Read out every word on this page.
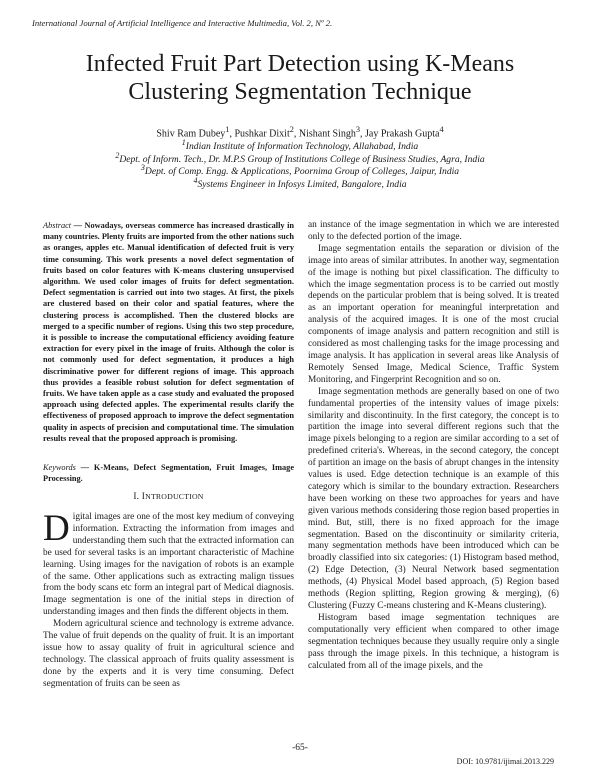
International Journal of Artificial Intelligence and Interactive Multimedia, Vol. 2, Nº 2.
Infected Fruit Part Detection using K-Means
Clustering Segmentation Technique
Shiv Ram Dubey$^1$, Pushkar Dixit$^2$, Nishant Singh$^3$, Jay Prakash Gupta$^4$
$^1$Indian Institute of Information Technology, Allahabad, India
$^2$Dept. of Inform. Tech., Dr. M.P.S Group of Institutions College of Business Studies, Agra, India
$^3$Dept. of Comp. Engg. & Applications, Poornima Group of Colleges, Jaipur, India
$^4$Systems Engineer in Infosys Limited, Bangalore, India
Abstract — Nowadays, overseas commerce has increased drastically in many countries. Plenty fruits are imported from the other nations such as oranges, apples etc. Manual identification of defected fruit is very time consuming. This work presents a novel defect segmentation of fruits based on color features with K-means clustering unsupervised algorithm. We used color images of fruits for defect segmentation. Defect segmentation is carried out into two stages. At first, the pixels are clustered based on their color and spatial features, where the clustering process is accomplished. Then the clustered blocks are merged to a specific number of regions. Using this two step procedure, it is possible to increase the computational efficiency avoiding feature extraction for every pixel in the image of fruits. Although the color is not commonly used for defect segmentation, it produces a high discriminative power for different regions of image. This approach thus provides a feasible robust solution for defect segmentation of fruits. We have taken apple as a case study and evaluated the proposed approach using defected apples. The experimental results clarify the effectiveness of proposed approach to improve the defect segmentation quality in aspects of precision and computational time. The simulation results reveal that the proposed approach is promising.
Keywords — K-Means, Defect Segmentation, Fruit Images, Image Processing.
I. INTRODUCTION

Digital images are one of the most key medium of conveying information. Extracting the information from images and understanding them such that the extracted information can be used for several tasks is an important characteristic of Machine learning. Using images for the navigation of robots is an example of the same. Other applications such as extracting malign tissues from the body scans etc form an integral part of Medical diagnosis. Image segmentation is one of the initial steps in direction of understanding images and then finds the different objects in them.

Modern agricultural science and technology is extreme advance. The value of fruit depends on the quality of fruit. It is an important issue how to assay quality of fruit in agricultural science and technology. The classical approach of fruits quality assessment is done by the experts and it is very time consuming. Defect segmentation of fruits can be seen as

an instance of the image segmentation in which we are interested only to the defected portion of the image.

Image segmentation entails the separation or division of the image into areas of similar attributes. In another way, segmentation of the image is nothing but pixel classification. The difficulty to which the image segmentation process is to be carried out mostly depends on the particular problem that is being solved. It is treated as an important operation for meaningful interpretation and analysis of the acquired images. It is one of the most crucial components of image analysis and pattern recognition and still is considered as most challenging tasks for the image processing and image analysis. It has application in several areas like Analysis of Remotely Sensed Image, Medical Science, Traffic System Monitoring, and Fingerprint Recognition and so on.

Image segmentation methods are generally based on one of two fundamental properties of the intensity values of image pixels: similarity and discontinuity. In the first category, the concept is to partition the image into several different regions such that the image pixels belonging to a region are similar according to a set of predefined criteria's. Whereas, in the second category, the concept of partition an image on the basis of abrupt changes in the intensity values is used. Edge detection technique is an example of this category which is similar to the boundary extraction. Researchers have been working on these two approaches for years and have given various methods considering those region based properties in mind. But, still, there is no fixed approach for the image segmentation. Based on the discontinuity or similarity criteria, many segmentation methods have been introduced which can be broadly classified into six categories: (1) Histogram based method, (2) Edge Detection, (3) Neural Network based segmentation methods, (4) Physical Model based approach, (5) Region based methods (Region splitting, Region growing & merging), (6) Clustering (Fuzzy C-means clustering and K-Means clustering).

Histogram based image segmentation techniques are computationally very efficient when compared to other image segmentation techniques because they usually require only a single pass through the image pixels. In this technique, a histogram is calculated from all of the image pixels, and the

-65-
DOI: 10.9781/ijimai.2013.229
